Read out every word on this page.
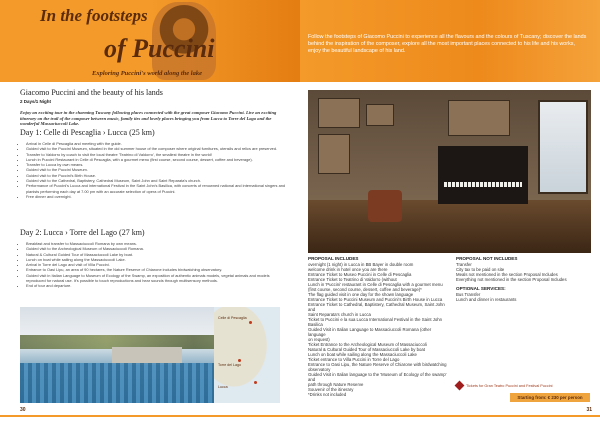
In the footsteps
of Puccini
Exploring Puccini's world along the lake
Giacomo Puccini and the beauty of his lands
2 Days/1 Night
Enjoy an exciting tour in the charming Tuscany following places connected with the great composer Giacomo Puccini. Live an exciting itinerary on the trail of the composer between music, family ties and lovely places bringing you from Lucca to Torre del Lago and the wonderful Massaciuccoli Lake.
Day 1: Celle di Pescaglia › Lucca (25 km)
• Arrival in Celle di Pescaglia and meeting with the guide.
• Guided visit to the Puccini Museum, situated in the old summer house of the composer where original furnitures, utensils and relics are preserved.
• Transfer to Valdorro by coach to visit the local theatre 'Teatrino di Valdorro', the smallest theatre in the world!
• Lunch in Puccini Restaurant in Celle di Pescaglia, with a gourmet menu (first course, second course, dessert, coffee and beverage).
• Transfer to Lucca by own means.
• Guided visit to the Puccini Museum.
• Guided visit to the Puccini's Birth House.
• Guided visit to the Cathedral, Baptistery, Cathedral Museum, Saint John and Saint Reparata's church.
• Performance of Puccini's Lucca and international Festival in the Saint John's Basilica, with concerts of renowned national and international singers and pianists performing each day at 7.00 pm with an accurate selection of opera of Puccini.
• Free dinner and overnight.
Day 2: Lucca › Torre del Lago (27 km)
• Breakfast and transfer to Massaciuccoli Romana by own means.
• Guided visit to the Archeological Museum of Massaciuccoli Romana.
• Natural & Cultural Guided Tour of Massaciuccoli Lake by boat.
• Lunch on boat while sailing along the Massaciuccoli Lake.
• Arrival in Torre del Lago and visit of Villa Puccini.
• Entrance to Oasi Lipu, an area of 90 hectares, the Nature Reserve of Chiarone includes birdwatching observatory.
• Guided visit in Italian Language to Museum of Ecology of the Swamp, an exposition of authentic animals models, vegetal animals and models reproduced for natural use. It's possible to touch reproductions and hear sounds through multisensory methods.
• End of tour and departure.
Celle di Pescaglia
Torre del Lago
Lucca
30
Follow the footsteps of Giacomo Puccini to experience all the flavours and the colours of Tuscany; discover the lands behind the inspiration of the composer, explore all the most important places connected to his life and his works, enjoy the beautiful landscape of his land.

PROPOSAL INCLUDES

overnight (1 night) in Lucca in BB Bayer in double room

welcome drink in hotel once you are there

Entrance Ticket to Museo Puccini in Celle di Pescaglia

Entrance Ticket to Teatrino di Valdorro (without

Lunch in 'Puccini' restaurant in Celle di Pescaglia with a gourmet menu

(first course, second course, dessert, coffee and beverage)*

The flag guided visit in one day for the shown language

Entrance Ticket to Puccini Museum and Puccini's Birth House in Lucca

Entrance Ticket to Cathedral, Baptistery, Cathedral Museum, Saint John and

Saint Reparata's church in Lucca

Ticket to Puccini e la sua Lucca International Festival in the Saint John

Basilica

Guided Visit in Italian Language to Massaciuccoli Romana (other language

on request)

Ticket Entrance to the Archeological Museum of Massaciuccoli

Natural & Cultural Guided Tour of Massaciuccoli Lake by boat

Lunch on boat while sailing along the Massaciuccoli Lake

Ticket entrance to Villa Puccini in Torre del Lago

Entrance to Oasi Lipu, the Nature Reserve of Chiarone with birdwatching

observatory

Guided Visit in Italian language to the 'Museum of Ecology of the swamp' and

path through Nature Reserve

Souvenir of the itinerary

*Drinks not included

PROPOSAL NOT INCLUDES

Transfer

City tax to be paid on site

Meals not mentioned in the section Proposal Includes

Everything not mentioned in the section Proposal Includes

OPTIONAL SERVICES:

Bus Transfer

Lunch and dinner in restaurants

Tickets for Gran Teatro Puccini and Festival Puccini
Starting from: € 230 per person
31
